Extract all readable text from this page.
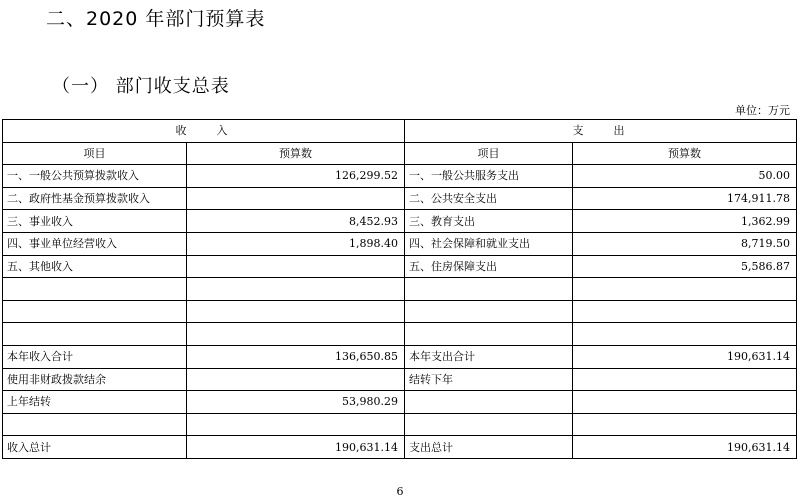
二、2020 年部门预算表
（一） 部门收支总表
单位：万元
收入		支出	
项目	预算数	项目	预算数
一、一般公共预算拨款收入	126,299.52	一、一般公共服务支出	50.00
二、政府性基金预算拨款收入		二、公共安全支出	174,911.78
三、事业收入	8,452.93	三、教育支出	1,362.99
四、事业单位经营收入	1,898.40	四、社会保障和就业支出	8,719.50
五、其他收入		五、住房保障支出	5,586.87

本年收入合计	136,650.85	本年支出合计	190,631.14
使用非财政拨款结余		结转下年	
上年结转	53,980.29		

收入总计	190,631.14	支出总计	190,631.14
6
